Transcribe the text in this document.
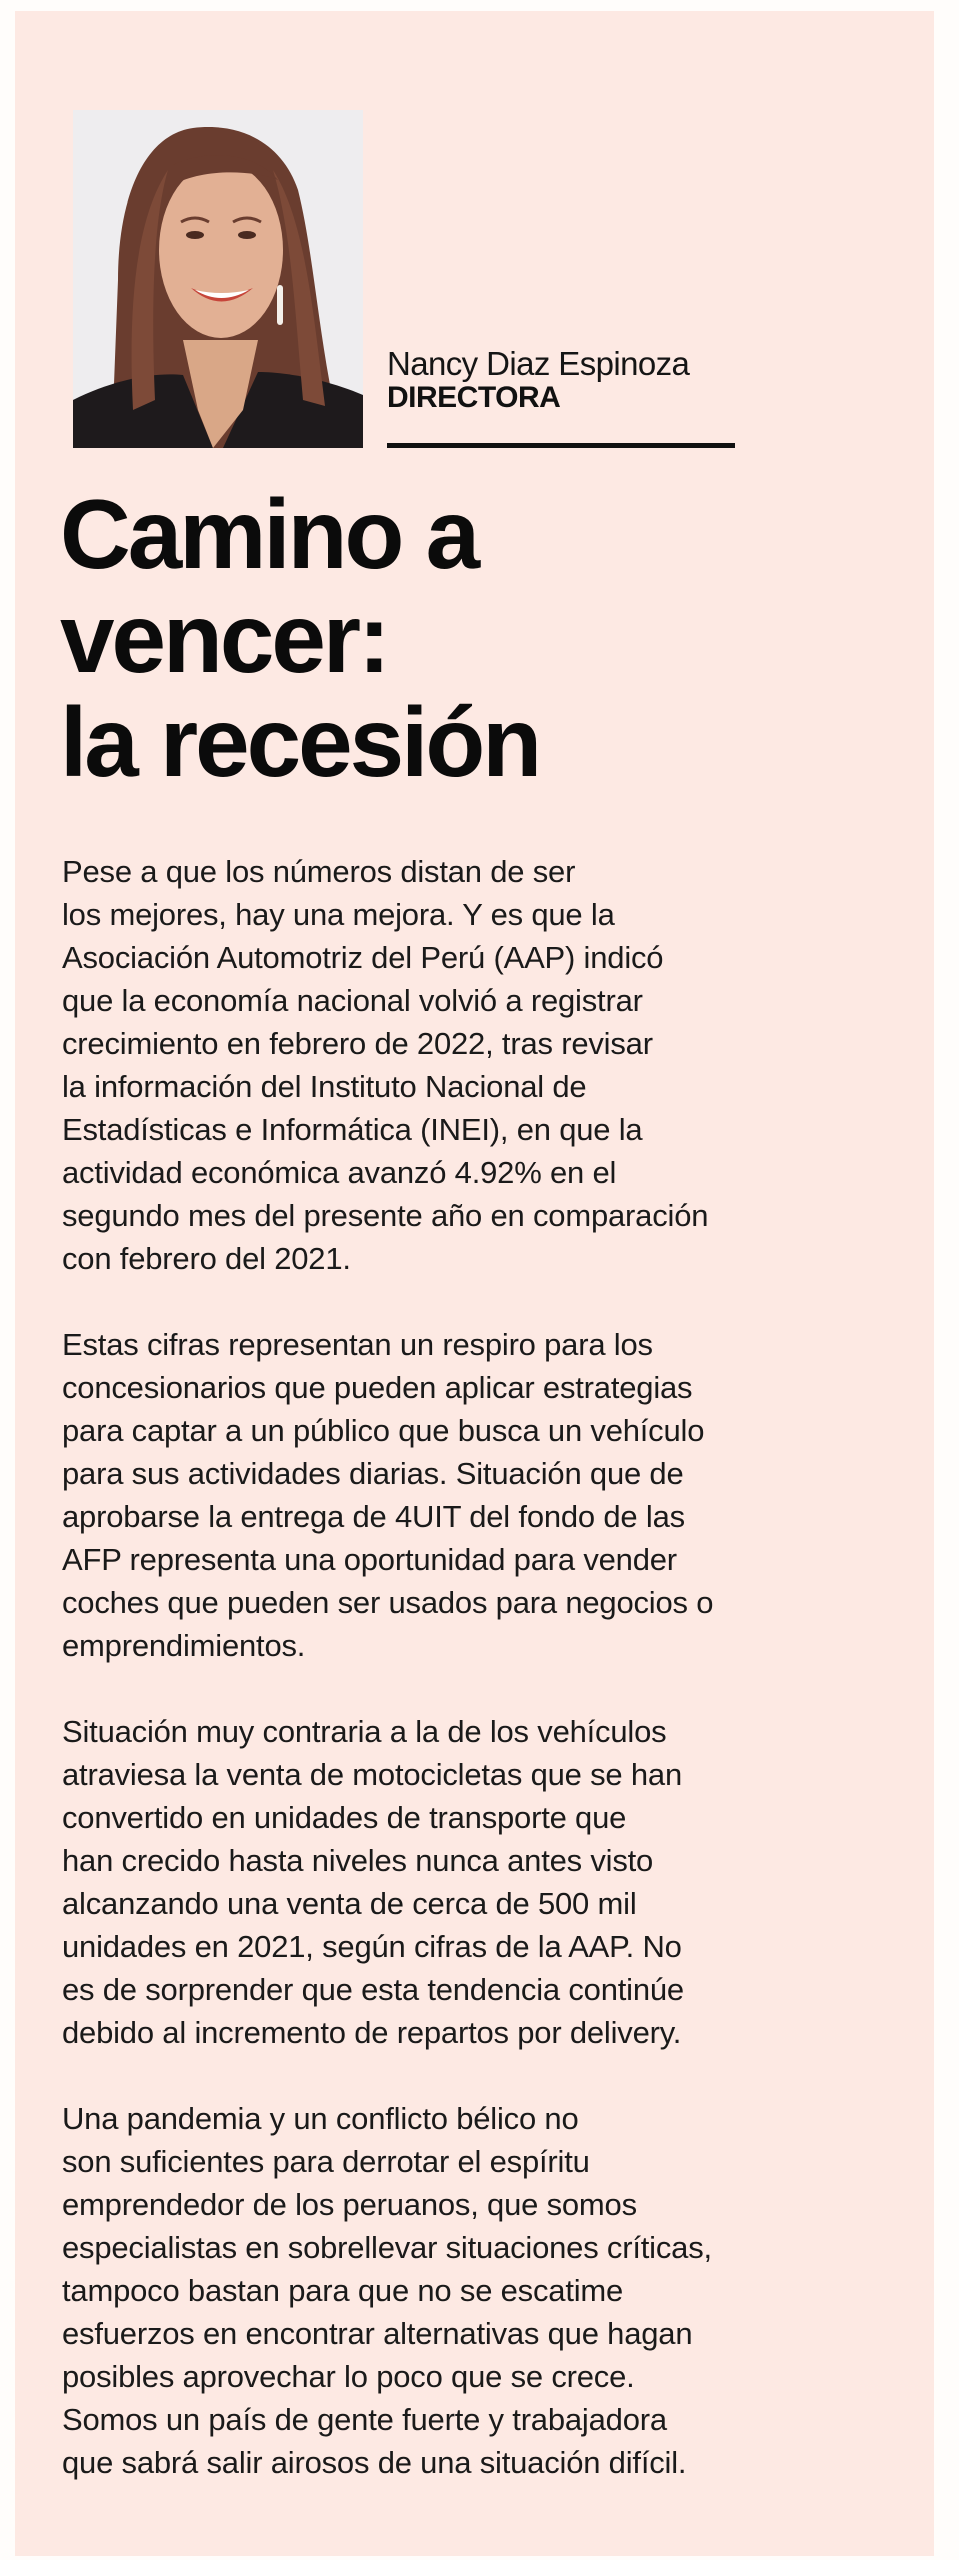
Nancy Diaz Espinoza
DIRECTORA
Camino a
vencer:
la recesión

Pese a que los números distan de ser
los mejores, hay una mejora. Y es que la
Asociación Automotriz del Perú (AAP) indicó
que la economía nacional volvió a registrar
crecimiento en febrero de 2022, tras revisar
la información del Instituto Nacional de
Estadísticas e Informática (INEI), en que la
actividad económica avanzó 4.92% en el
segundo mes del presente año en comparación
con febrero del 2021.

Estas cifras representan un respiro para los
concesionarios que pueden aplicar estrategias
para captar a un público que busca un vehículo
para sus actividades diarias. Situación que de
aprobarse la entrega de 4UIT del fondo de las
AFP representa una oportunidad para vender
coches que pueden ser usados para negocios o
emprendimientos.

Situación muy contraria a la de los vehículos
atraviesa la venta de motocicletas que se han
convertido en unidades de transporte que
han crecido hasta niveles nunca antes visto
alcanzando una venta de cerca de 500 mil
unidades en 2021, según cifras de la AAP. No
es de sorprender que esta tendencia continúe
debido al incremento de repartos por delivery.

Una pandemia y un conflicto bélico no
son suficientes para derrotar el espíritu
emprendedor de los peruanos, que somos
especialistas en sobrellevar situaciones críticas,
tampoco bastan para que no se escatime
esfuerzos en encontrar alternativas que hagan
posibles aprovechar lo poco que se crece.
Somos un país de gente fuerte y trabajadora
que sabrá salir airosos de una situación difícil.
